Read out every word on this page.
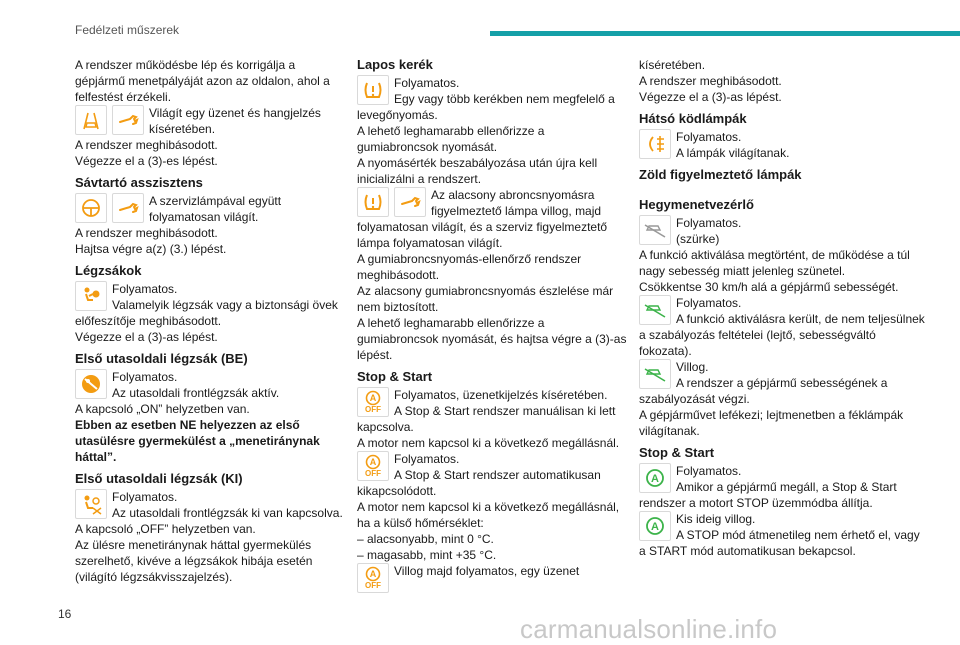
Fedélzeti műszerek

A rendszer működésbe lép és korrigálja a gépjármű menetpályáját azon az oldalon, ahol a felfestést érzékeli.

Világít egy üzenet és hangjelzés kíséretében.

A rendszer meghibásodott.

Végezze el a (3)-es lépést.

Sávtartó asszisztens
A szervizlámpával együtt folyamatosan világít.

A rendszer meghibásodott.

Hajtsa végre a(z) (3.) lépést.

Légzsákok
Folyamatos.
Valamelyik légzsák vagy a biztonsági övek előfeszítője meghibásodott.

Végezze el a (3)-as lépést.

Első utasoldali légzsák (BE)
Folyamatos.
Az utasoldali frontlégzsák aktív.

A kapcsoló „ON” helyzetben van.

Ebben az esetben NE helyezzen az első utasülésre gyermekülést a „menetiránynak háttal”.

Első utasoldali légzsák (KI)
Folyamatos.
Az utasoldali frontlégzsák ki van kapcsolva.

A kapcsoló „OFF” helyzetben van.

Az ülésre menetiránynak háttal gyermekülés szerelhető, kivéve a légzsákok hibája esetén (világító légzsákvisszajelzés).

Lapos kerék
Folyamatos.
Egy vagy több kerékben nem megfelelő a levegőnyomás.

A lehető leghamarabb ellenőrizze a gumiabroncsok nyomását.

A nyomásérték beszabályozása után újra kell inicializálni a rendszert.

Az alacsony abroncsnyomásra figyelmeztető lámpa villog, majd folyamatosan világít, és a szerviz figyelmeztető lámpa folyamatosan világít.

A gumiabroncsnyomás-ellenőrző rendszer meghibásodott.

Az alacsony gumiabroncsnyomás észlelése már nem biztosított.

A lehető leghamarabb ellenőrizze a gumiabroncsok nyomását, és hajtsa végre a (3)-as lépést.

Stop & Start
A
OFF
Folyamatos, üzenetkijelzés kíséretében.
A Stop & Start rendszer manuálisan ki lett kapcsolva.

A motor nem kapcsol ki a következő megállásnál.

A
OFF
Folyamatos.
A Stop & Start rendszer automatikusan kikapcsolódott.

A motor nem kapcsol ki a következő megállásnál, ha a külső hőmérséklet:

– alacsonyabb, mint 0 °C.

– magasabb, mint +35 °C.

A
OFF
Villog majd folyamatos, egy üzenet

kíséretében.

A rendszer meghibásodott.

Végezze el a (3)-as lépést.

Hátsó ködlámpák
Folyamatos.
A lámpák világítanak.
Zöld figyelmeztető lámpák
Hegymenetvezérlő
Folyamatos.
(szürke)

A funkció aktiválása megtörtént, de működése a túl nagy sebesség miatt jelenleg szünetel.

Csökkentse 30 km/h alá a gépjármű sebességét.

Folyamatos.
A funkció aktiválásra került, de nem teljesülnek a szabályozás feltételei (lejtő, sebességváltó fokozata).
Villog.
A rendszer a gépjármű sebességének a szabályozását végzi.

A gépjárművet lefékezi; lejtmenetben a féklámpák világítanak.

Stop & Start
A
Folyamatos.
Amikor a gépjármű megáll, a Stop & Start rendszer a motort STOP üzemmódba állítja.
A
Kis ideig villog.
A STOP mód átmenetileg nem érhető el, vagy a START mód automatikusan bekapcsol.
16	carmanualsonline.info
